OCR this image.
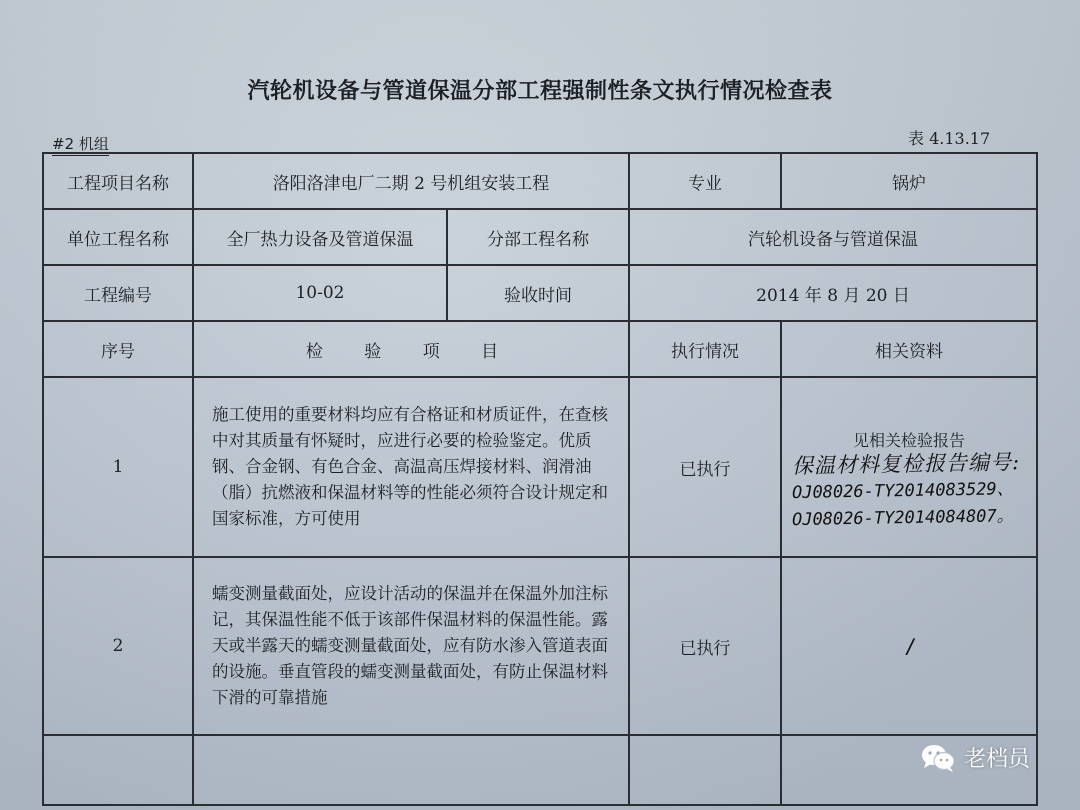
汽轮机设备与管道保温分部工程强制性条文执行情况检查表
#2 机组	表 4.13.17
工程项目名称	洛阳洛津电厂二期 2 号机组安装工程		专业	锅炉
单位工程名称	全厂热力设备及管道保温	分部工程名称	汽轮机设备与管道保温	
工程编号	10-02	验收时间	2014 年 8 月 20 日	
序号	检 验 项 目		执行情况	相关资料
1	施工使用的重要材料均应有合格证和材质证件，在查核中对其质量有怀疑时，应进行必要的检验鉴定。优质钢、合金钢、有色合金、高温高压焊接材料、润滑油（脂）抗燃液和保温材料等的性能必须符合设计规定和国家标准，方可使用		已执行	见相关检验报告
保温材料复检报告编号:
OJ08026-TY2014083529、
OJ08026-TY2014084807。

2	蠕变测量截面处，应设计活动的保温并在保温外加注标记，其保温性能不低于该部件保温材料的保温性能。露天或半露天的蠕变测量截面处，应有防水渗入管道表面的设施。垂直管段的蠕变测量截面处，有防止保温材料下滑的可靠措施		已执行	/

老档员
